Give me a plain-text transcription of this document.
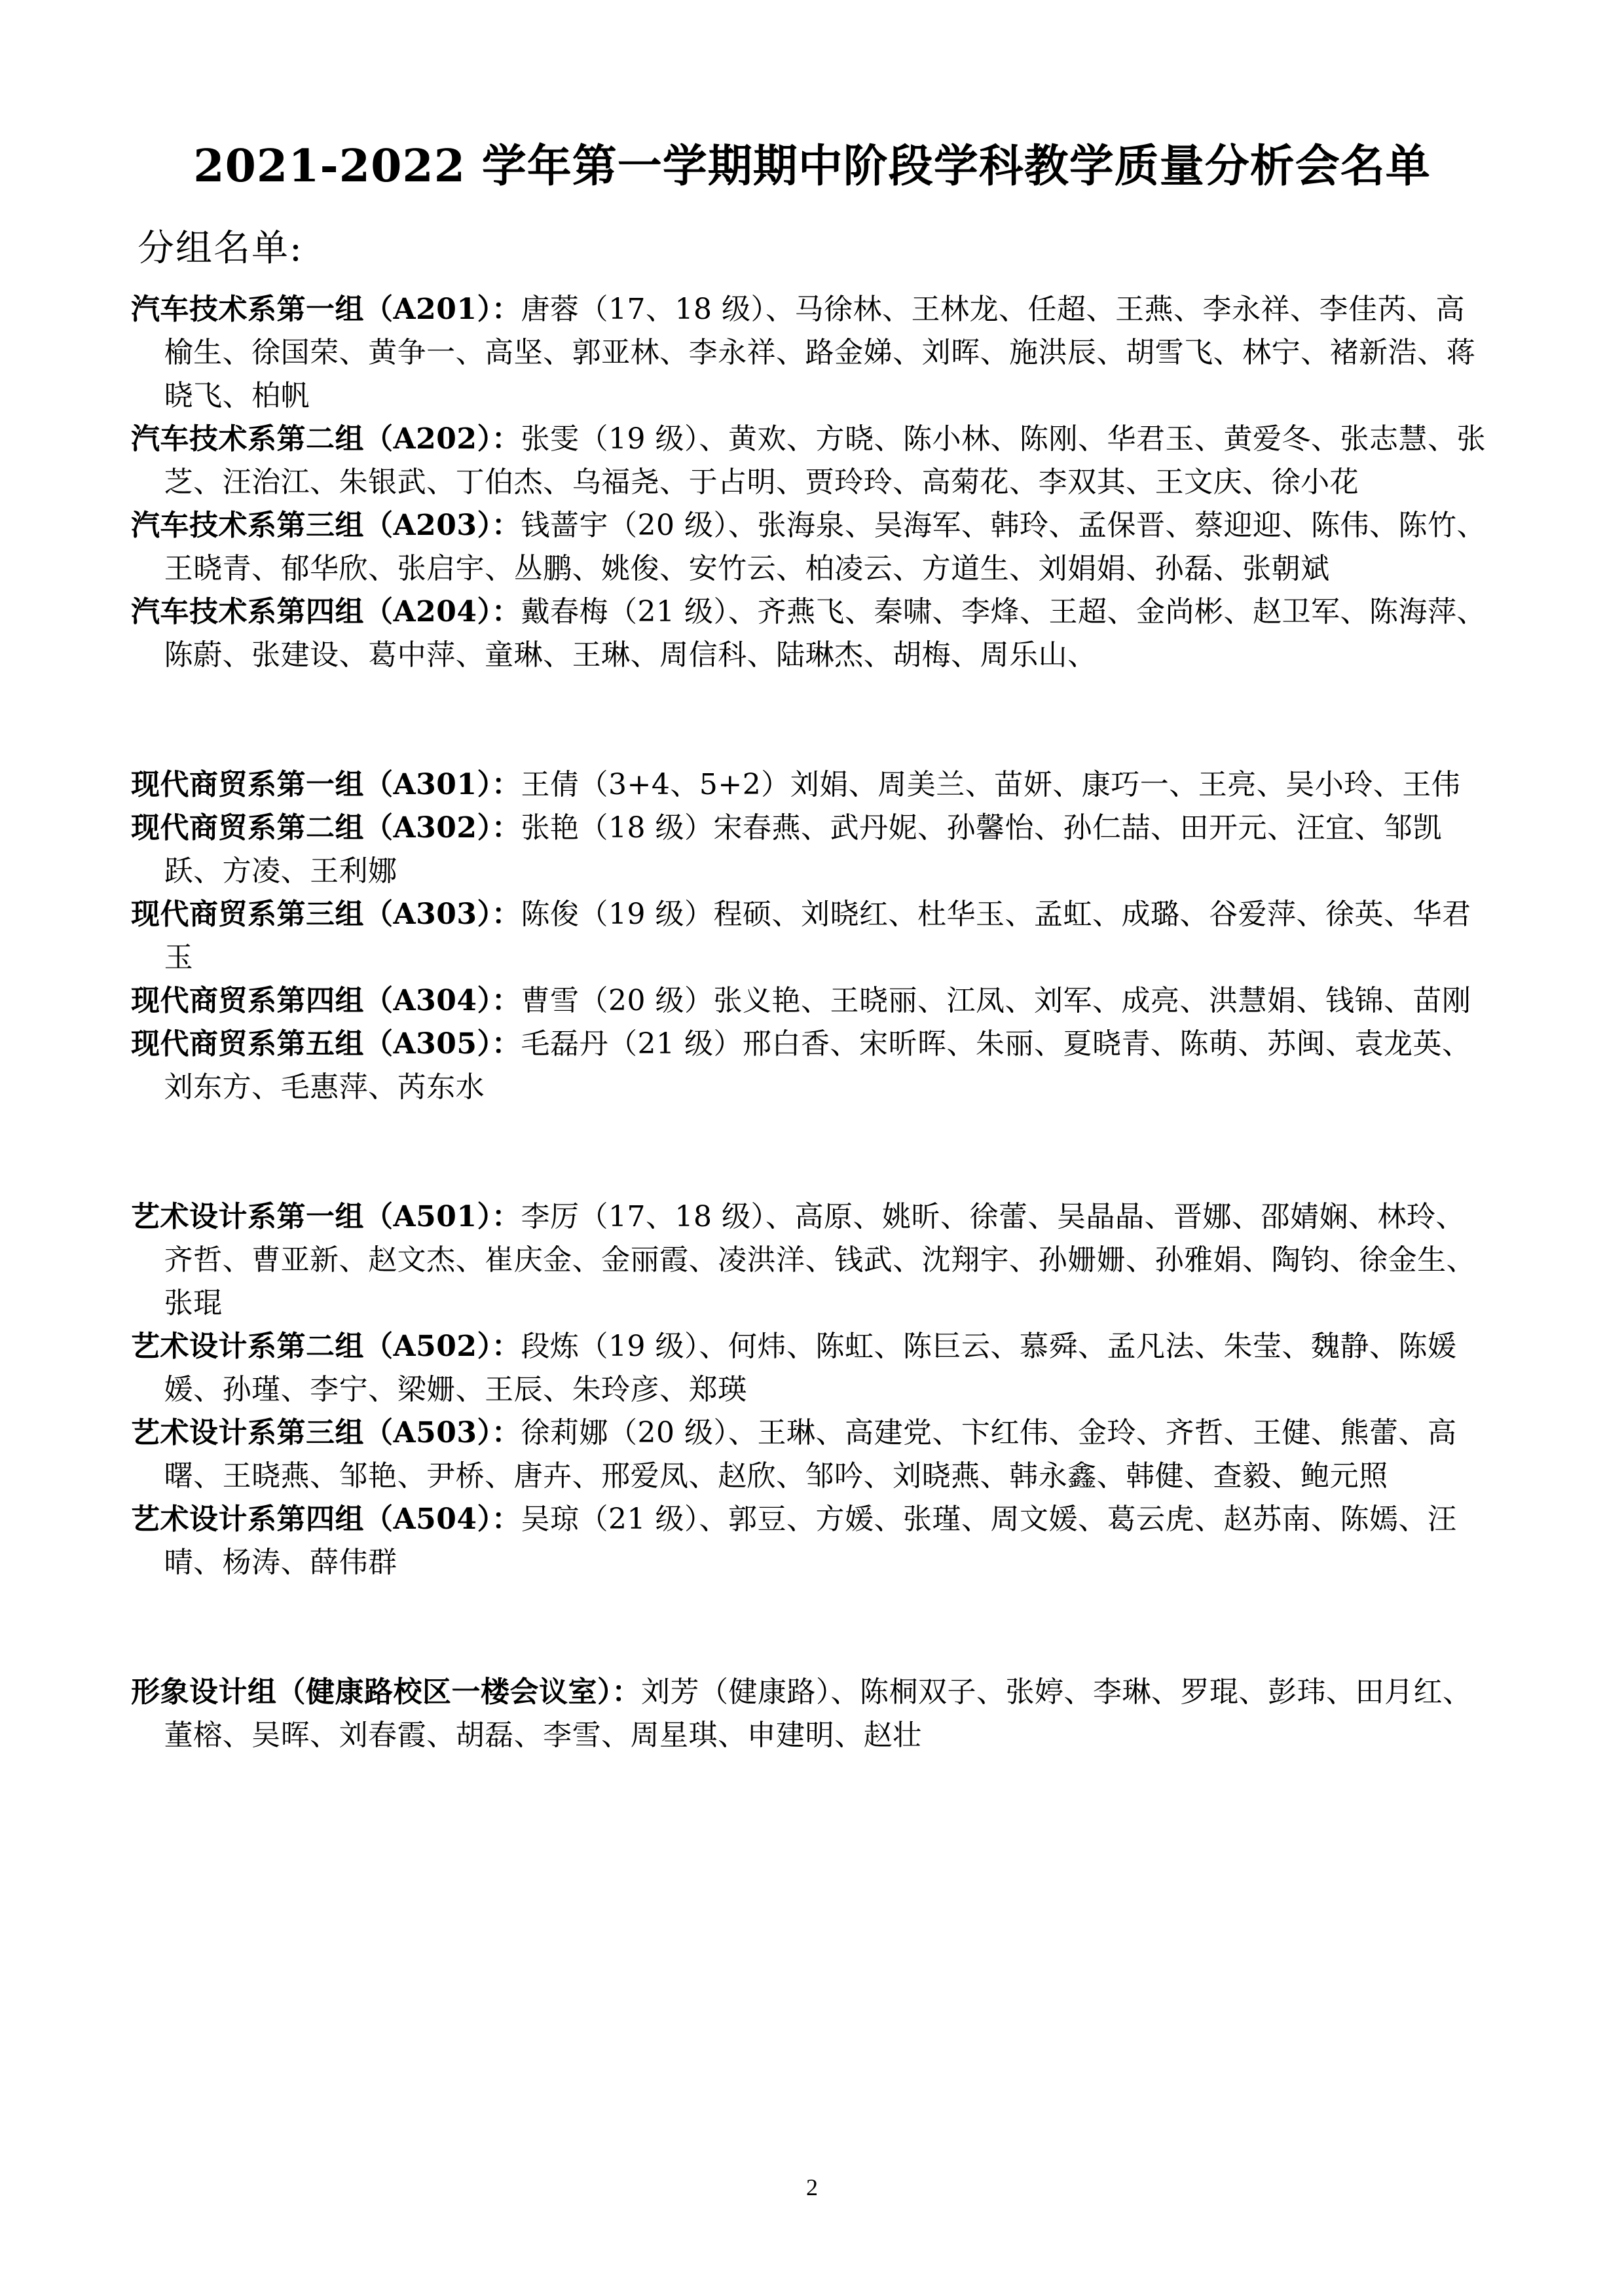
2021-2022 学年第一学期期中阶段学科教学质量分析会名单
分组名单:

汽车技术系第一组（A201）：唐蓉（17、18 级）、马徐林、王林龙、任超、王燕、李永祥、李佳芮、高榆生、徐国荣、黄争一、高坚、郭亚林、李永祥、路金娣、刘晖、施洪辰、胡雪飞、林宁、褚新浩、蒋晓飞、柏帆

汽车技术系第二组（A202）：张雯（19 级）、黄欢、方晓、陈小林、陈刚、华君玉、黄爱冬、张志慧、张芝、汪治江、朱银武、丁伯杰、乌福尧、于占明、贾玲玲、高菊花、李双其、王文庆、徐小花

汽车技术系第三组（A203）：钱蔷宇（20 级）、张海泉、吴海军、韩玲、孟保晋、蔡迎迎、陈伟、陈竹、王晓青、郁华欣、张启宇、丛鹏、姚俊、安竹云、柏凌云、方道生、刘娟娟、孙磊、张朝斌

汽车技术系第四组（A204）：戴春梅（21 级）、齐燕飞、秦啸、李烽、王超、金尚彬、赵卫军、陈海萍、陈蔚、张建设、葛中萍、童琳、王琳、周信科、陆琳杰、胡梅、周乐山、

现代商贸系第一组（A301）：王倩（3+4、5+2）刘娟、周美兰、苗妍、康巧一、王亮、吴小玲、王伟

现代商贸系第二组（A302）：张艳（18 级）宋春燕、武丹妮、孙馨怡、孙仁喆、田开元、汪宜、邹凯跃、方凌、王利娜

现代商贸系第三组（A303）：陈俊（19 级）程硕、刘晓红、杜华玉、孟虹、成璐、谷爱萍、徐英、华君玉

现代商贸系第四组（A304）：曹雪（20 级）张义艳、王晓丽、江凤、刘军、成亮、洪慧娟、钱锦、苗刚

现代商贸系第五组（A305）：毛磊丹（21 级）邢白香、宋昕晖、朱丽、夏晓青、陈萌、苏闽、袁龙英、刘东方、毛惠萍、芮东水

艺术设计系第一组（A501）：李厉（17、18 级）、高原、姚昕、徐蕾、吴晶晶、晋娜、邵婧娴、林玲、齐哲、曹亚新、赵文杰、崔庆金、金丽霞、凌洪洋、钱武、沈翔宇、孙姗姗、孙雅娟、陶钧、徐金生、张琨

艺术设计系第二组（A502）：段炼（19 级）、何炜、陈虹、陈巨云、慕舜、孟凡法、朱莹、魏静、陈媛媛、孙瑾、李宁、梁姗、王辰、朱玲彦、郑瑛

艺术设计系第三组（A503）：徐莉娜（20 级）、王琳、高建党、卞红伟、金玲、齐哲、王健、熊蕾、高曙、王晓燕、邹艳、尹桥、唐卉、邢爱凤、赵欣、邹吟、刘晓燕、韩永鑫、韩健、查毅、鲍元照

艺术设计系第四组（A504）：吴琼（21 级）、郭豆、方媛、张瑾、周文媛、葛云虎、赵苏南、陈嫣、汪晴、杨涛、薛伟群

形象设计组（健康路校区一楼会议室）：刘芳（健康路）、陈桐双子、张婷、李琳、罗琨、彭玮、田月红、董榕、吴晖、刘春霞、胡磊、李雪、周星琪、申建明、赵壮

2
